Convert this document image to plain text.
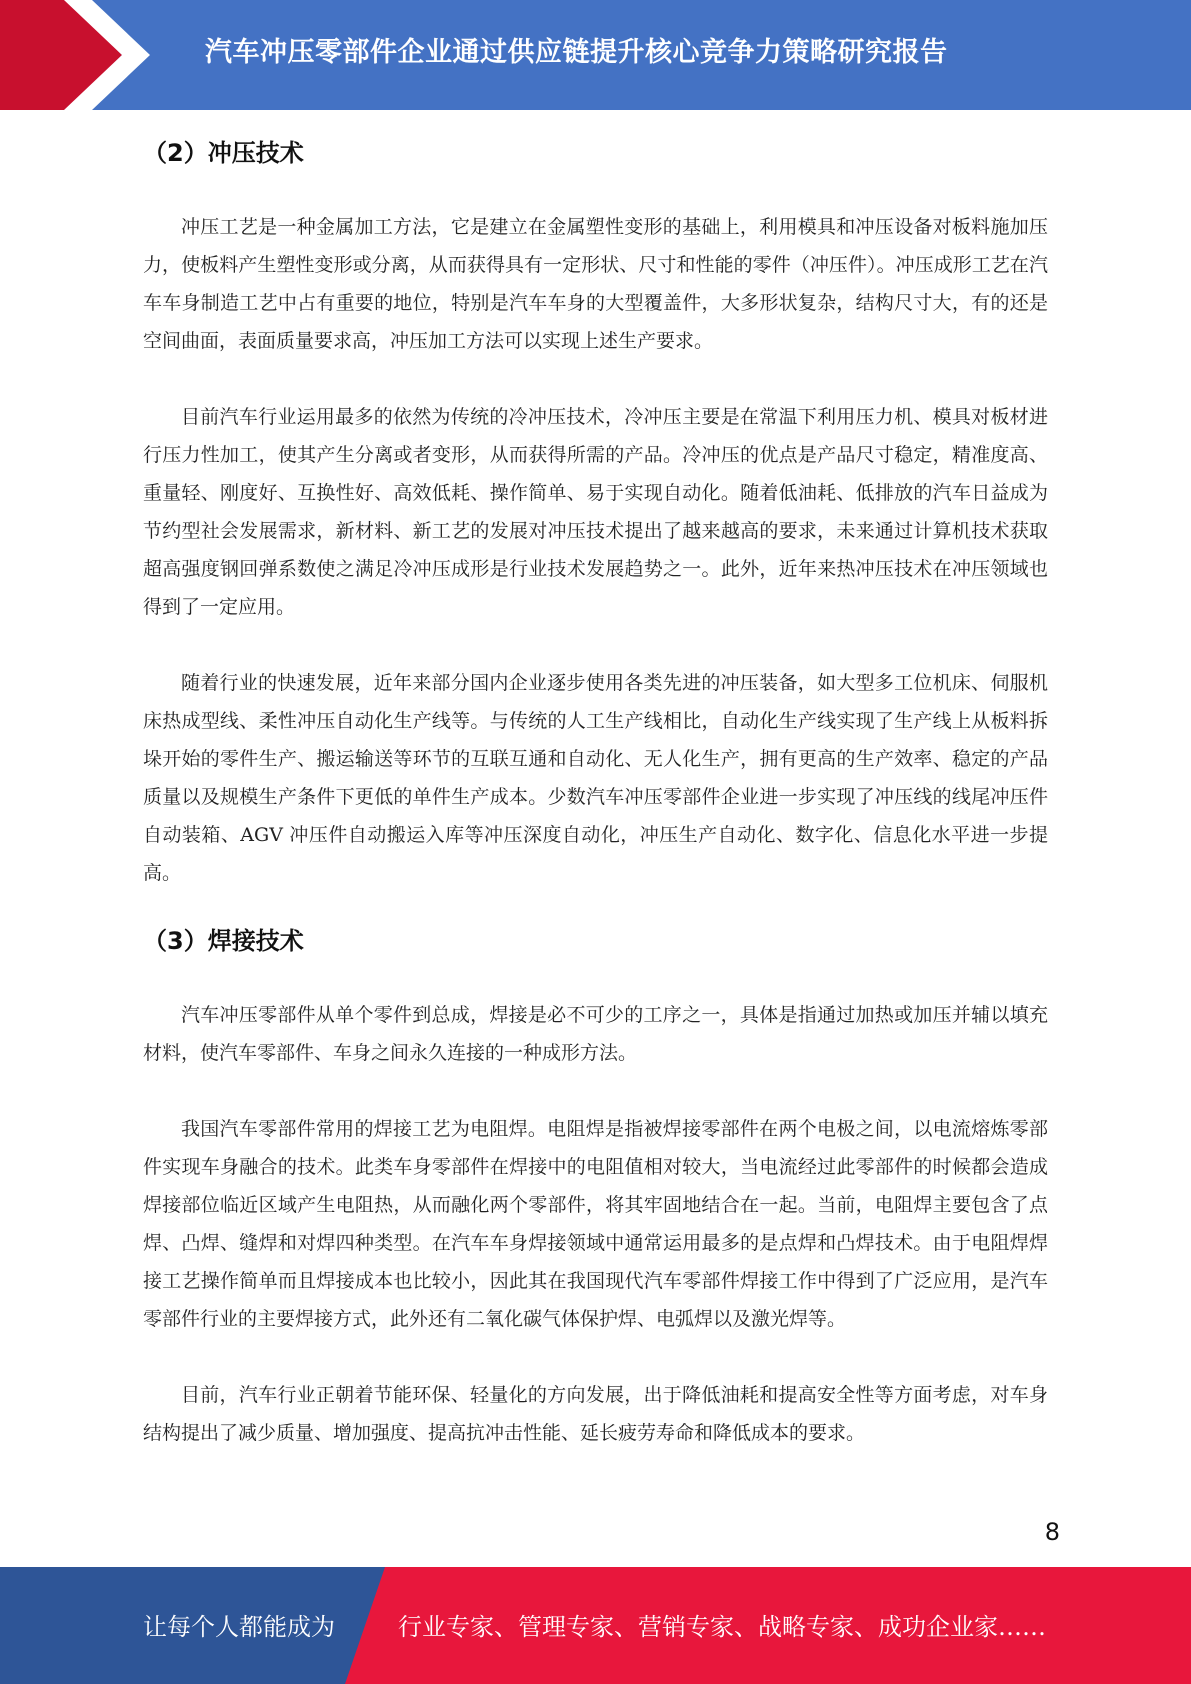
汽车冲压零部件企业通过供应链提升核心竞争力策略研究报告
（2）冲压技术

冲压工艺是一种金属加工方法，它是建立在金属塑性变形的基础上，利用模具和冲压设备对板料施加压力，使板料产生塑性变形或分离，从而获得具有一定形状、尺寸和性能的零件（冲压件）。冲压成形工艺在汽车车身制造工艺中占有重要的地位，特别是汽车车身的大型覆盖件，大多形状复杂，结构尺寸大，有的还是空间曲面，表面质量要求高，冲压加工方法可以实现上述生产要求。

目前汽车行业运用最多的依然为传统的冷冲压技术，冷冲压主要是在常温下利用压力机、模具对板材进行压力性加工，使其产生分离或者变形，从而获得所需的产品。冷冲压的优点是产品尺寸稳定，精准度高、重量轻、刚度好、互换性好、高效低耗、操作简单、易于实现自动化。随着低油耗、低排放的汽车日益成为节约型社会发展需求，新材料、新工艺的发展对冲压技术提出了越来越高的要求，未来通过计算机技术获取超高强度钢回弹系数使之满足冷冲压成形是行业技术发展趋势之一。此外，近年来热冲压技术在冲压领域也得到了一定应用。

随着行业的快速发展，近年来部分国内企业逐步使用各类先进的冲压装备，如大型多工位机床、伺服机床热成型线、柔性冲压自动化生产线等。与传统的人工生产线相比，自动化生产线实现了生产线上从板料拆垛开始的零件生产、搬运输送等环节的互联互通和自动化、无人化生产，拥有更高的生产效率、稳定的产品质量以及规模生产条件下更低的单件生产成本。少数汽车冲压零部件企业进一步实现了冲压线的线尾冲压件自动装箱、AGV 冲压件自动搬运入库等冲压深度自动化，冲压生产自动化、数字化、信息化水平进一步提高。

（3）焊接技术

汽车冲压零部件从单个零件到总成，焊接是必不可少的工序之一，具体是指通过加热或加压并辅以填充材料，使汽车零部件、车身之间永久连接的一种成形方法。

我国汽车零部件常用的焊接工艺为电阻焊。电阻焊是指被焊接零部件在两个电极之间，以电流熔炼零部件实现车身融合的技术。此类车身零部件在焊接中的电阻值相对较大，当电流经过此零部件的时候都会造成焊接部位临近区域产生电阻热，从而融化两个零部件，将其牢固地结合在一起。当前，电阻焊主要包含了点焊、凸焊、缝焊和对焊四种类型。在汽车车身焊接领域中通常运用最多的是点焊和凸焊技术。由于电阻焊焊接工艺操作简单而且焊接成本也比较小，因此其在我国现代汽车零部件焊接工作中得到了广泛应用，是汽车零部件行业的主要焊接方式，此外还有二氧化碳气体保护焊、电弧焊以及激光焊等。

目前，汽车行业正朝着节能环保、轻量化的方向发展，出于降低油耗和提高安全性等方面考虑，对车身结构提出了减少质量、增加强度、提高抗冲击性能、延长疲劳寿命和降低成本的要求。

8
让每个人都能成为	行业专家、管理专家、营销专家、战略专家、成功企业家……
